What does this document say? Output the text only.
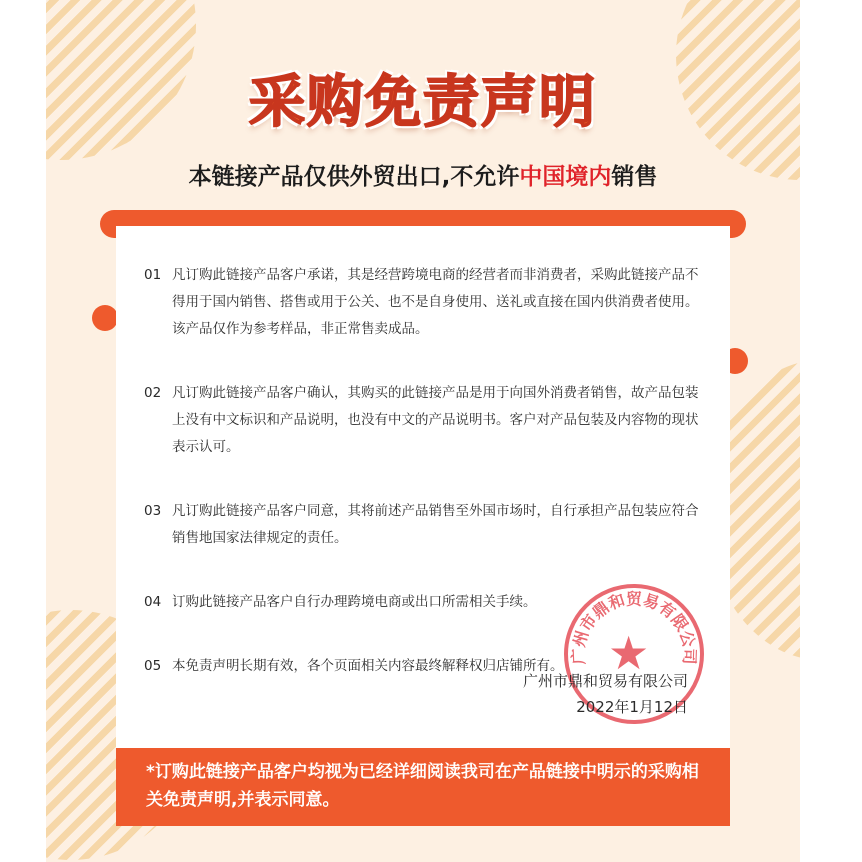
采购免责声明
本链接产品仅供外贸出口,不允许中国境内销售
01 凡订购此链接产品客户承诺，其是经营跨境电商的经营者而非消费者，采购此链接产品不得用于国内销售、搭售或用于公关、也不是自身使用、送礼或直接在国内供消费者使用。该产品仅作为参考样品，非正常售卖成品。
02 凡订购此链接产品客户确认，其购买的此链接产品是用于向国外消费者销售，故产品包装上没有中文标识和产品说明，也没有中文的产品说明书。客户对产品包装及内容物的现状表示认可。
03 凡订购此链接产品客户同意，其将前述产品销售至外国市场时，自行承担产品包装应符合销售地国家法律规定的责任。
04 订购此链接产品客户自行办理跨境电商或出口所需相关手续。
05 本免责声明长期有效，各个页面相关内容最终解释权归店铺所有。
广州市鼎和贸易有限公司
★
广州市鼎和贸易有限公司
2022年1月12日
*订购此链接产品客户均视为已经详细阅读我司在产品链接中明示的采购相关免责声明,并表示同意。
